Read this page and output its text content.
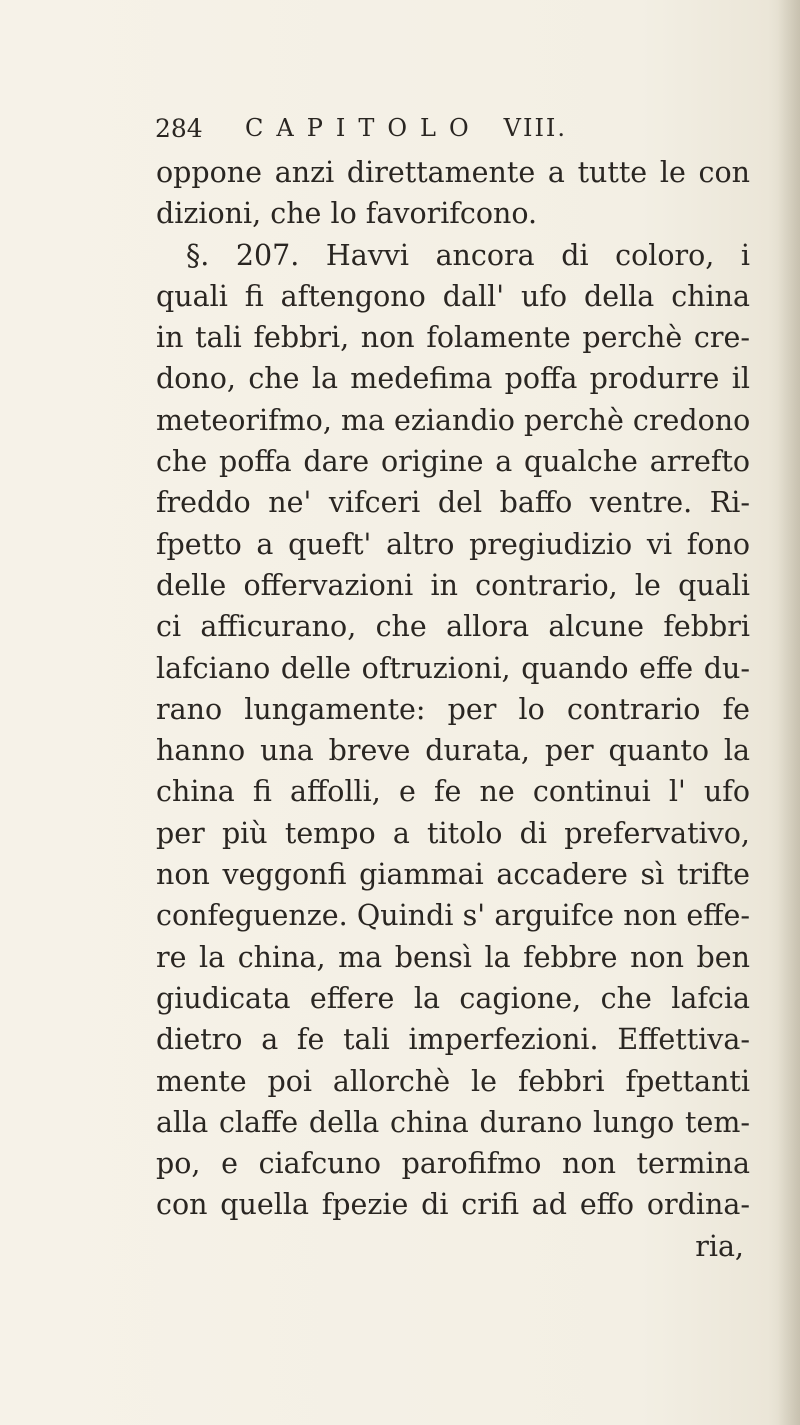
284	CAPITOLO VIII.
oppone anzi direttamente a tutte le con
dizioni, che lo favorifcono.
§. 207. Havvi ancora di coloro, i
quali fi aftengono dall' ufo della china
in tali febbri, non folamente perchè cre-
dono, che la medefima poffa produrre il
meteorifmo, ma eziandio perchè credono
che poffa dare origine a qualche arrefto
freddo ne' vifceri del baffo ventre. Ri-
fpetto a queft' altro pregiudizio vi fono
delle offervazioni in contrario, le quali
ci afficurano, che allora alcune febbri
lafciano delle oftruzioni, quando effe du-
rano lungamente: per lo contrario fe
hanno una breve durata, per quanto la
china fi affolli, e fe ne continui l' ufo
per più tempo a titolo di prefervativo,
non veggonfi giammai accadere sì trifte
confeguenze. Quindi s' arguifce non effe-
re la china, ma bensì la febbre non ben
giudicata effere la cagione, che lafcia
dietro a fe tali imperfezioni. Effettiva-
mente poi allorchè le febbri fpettanti
alla claffe della china durano lungo tem-
po, e ciafcuno parofifmo non termina
con quella fpezie di crifi ad effo ordina-
ria,
